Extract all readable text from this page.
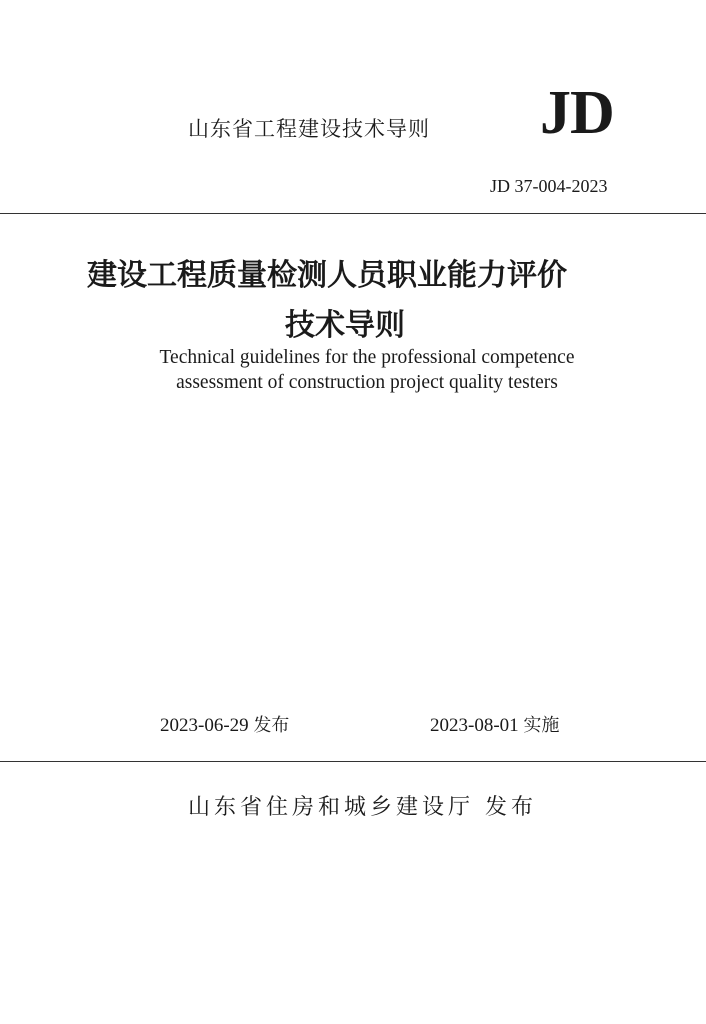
山东省工程建设技术导则 JD
JD 37-004-2023
建设工程质量检测人员职业能力评价
技术导则
Technical guidelines for the professional competence
assessment of construction project quality testers
2023-06-29 发布	2023-08-01 实施
山东省住房和城乡建设厅 发布
